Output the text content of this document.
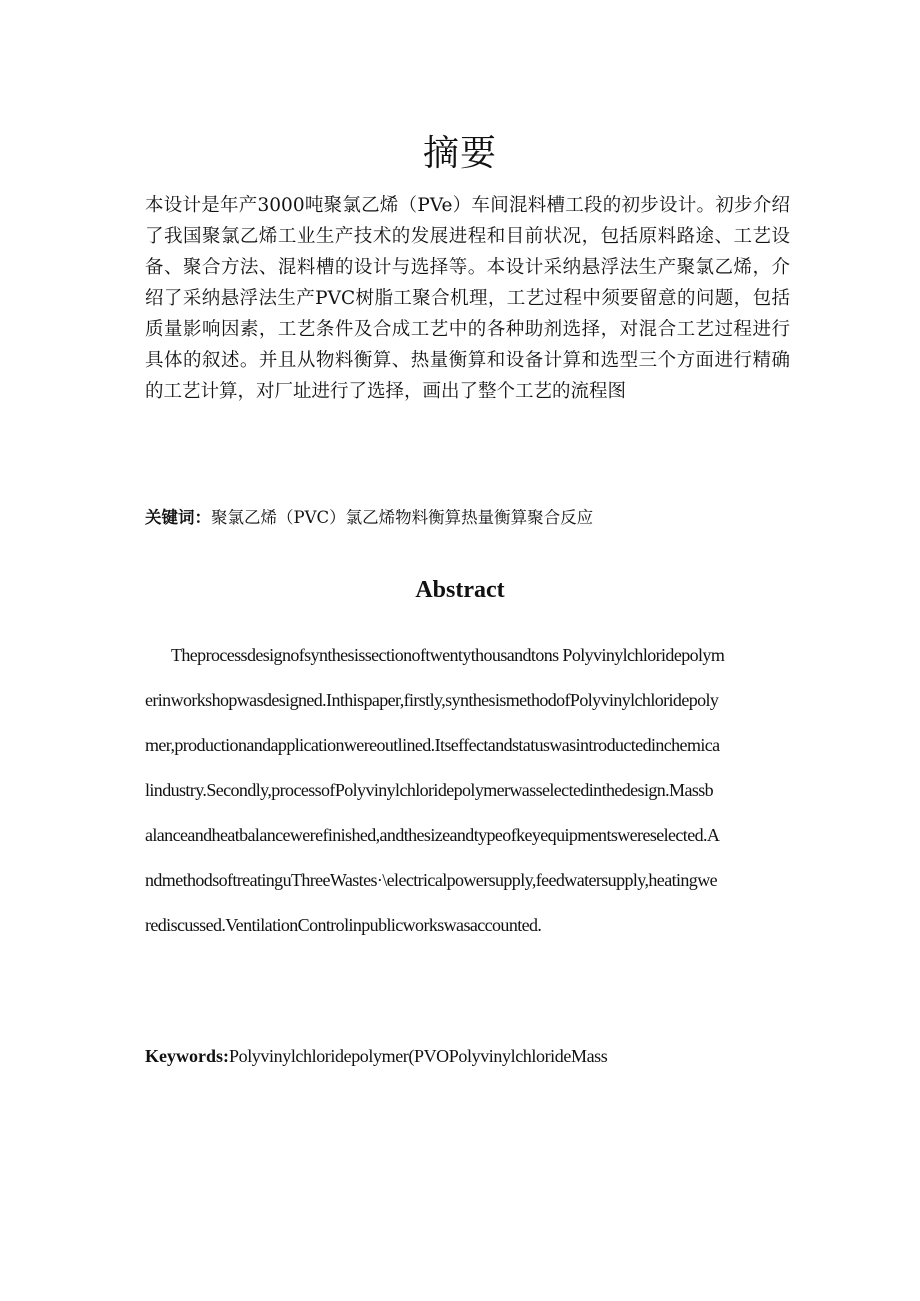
摘要

本设计是年产3000吨聚氯乙烯（PVe）车间混料槽工段的初步设计。初步介绍了我国聚氯乙烯工业生产技术的发展进程和目前状况，包括原料路途、工艺设备、聚合方法、混料槽的设计与选择等。本设计采纳悬浮法生产聚氯乙烯，介绍了采纳悬浮法生产PVC树脂工聚合机理，工艺过程中须要留意的问题，包括质量影响因素，工艺条件及合成工艺中的各种助剂选择，对混合工艺过程进行具体的叙述。并且从物料衡算、热量衡算和设备计算和选型三个方面进行精确的工艺计算，对厂址进行了选择，画出了整个工艺的流程图

关键词：聚氯乙烯（PVC）氯乙烯物料衡算热量衡算聚合反应

Abstract
Theprocessdesignofsynthesissectionoftwentythousandtons Polyvinylchloridepolym
erinworkshopwasdesigned.Inthispaper,firstly,synthesismethodofPolyvinylchloridepoly
mer,productionandapplicationwereoutlined.Itseffectandstatuswasintroductedinchemica
lindustry.Secondly,processofPolyvinylchloridepolymerwasselectedinthedesign.Massb
alanceandheatbalancewerefinished,andthesizeandtypeofkeyequipmentswereselected.A
ndmethodsoftreatinguThreeWastes·\electricalpowersupply,feedwatersupply,heatingwe
rediscussed.VentilationControlinpublicworkswasaccounted.

Keywords:Polyvinylchloridepolymer(PVOPolyvinylchlorideMass
